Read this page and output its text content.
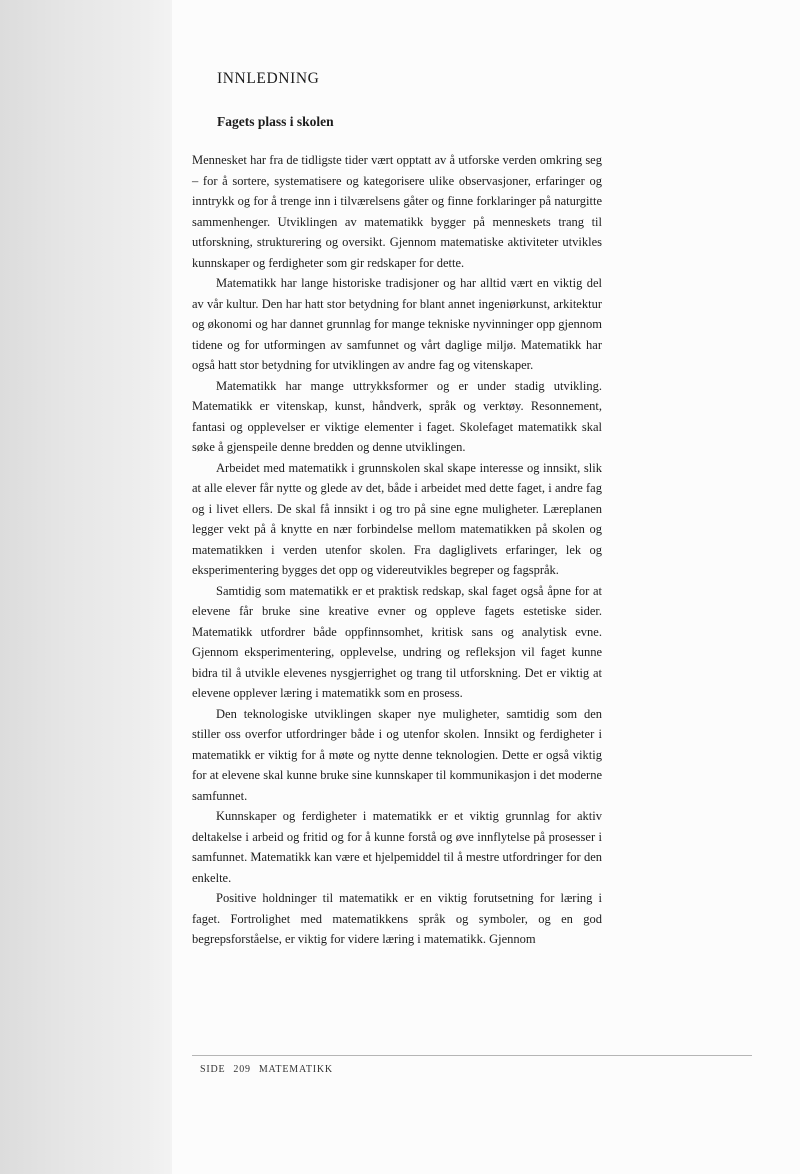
INNLEDNING
Fagets plass i skolen

Mennesket har fra de tidligste tider vært opptatt av å utforske verden omkring seg – for å sortere, systematisere og kategorisere ulike observasjoner, erfaringer og inntrykk og for å trenge inn i tilværelsens gåter og finne forklaringer på naturgitte sammenhenger. Utviklingen av matematikk bygger på menneskets trang til utforskning, strukturering og oversikt. Gjennom matematiske aktiviteter utvikles kunnskaper og ferdigheter som gir redskaper for dette.

Matematikk har lange historiske tradisjoner og har alltid vært en viktig del av vår kultur. Den har hatt stor betydning for blant annet ingeniørkunst, arkitektur og økonomi og har dannet grunnlag for mange tekniske nyvinninger opp gjennom tidene og for utformingen av samfunnet og vårt daglige miljø. Matematikk har også hatt stor betydning for utviklingen av andre fag og vitenskaper.

Matematikk har mange uttrykksformer og er under stadig utvikling. Matematikk er vitenskap, kunst, håndverk, språk og verktøy. Resonnement, fantasi og opplevelser er viktige elementer i faget. Skolefaget matematikk skal søke å gjenspeile denne bredden og denne utviklingen.

Arbeidet med matematikk i grunnskolen skal skape interesse og innsikt, slik at alle elever får nytte og glede av det, både i arbeidet med dette faget, i andre fag og i livet ellers. De skal få innsikt i og tro på sine egne muligheter. Læreplanen legger vekt på å knytte en nær forbindelse mellom matematikken på skolen og matematikken i verden utenfor skolen. Fra dagliglivets erfaringer, lek og eksperimentering bygges det opp og videreutvikles begreper og fagspråk.

Samtidig som matematikk er et praktisk redskap, skal faget også åpne for at elevene får bruke sine kreative evner og oppleve fagets estetiske sider. Matematikk utfordrer både oppfinnsomhet, kritisk sans og analytisk evne. Gjennom eksperimentering, opplevelse, undring og refleksjon vil faget kunne bidra til å utvikle elevenes nysgjerrighet og trang til utforskning. Det er viktig at elevene opplever læring i matematikk som en prosess.

Den teknologiske utviklingen skaper nye muligheter, samtidig som den stiller oss overfor utfordringer både i og utenfor skolen. Innsikt og ferdigheter i matematikk er viktig for å møte og nytte denne teknologien. Dette er også viktig for at elevene skal kunne bruke sine kunnskaper til kommunikasjon i det moderne samfunnet.

Kunnskaper og ferdigheter i matematikk er et viktig grunnlag for aktiv deltakelse i arbeid og fritid og for å kunne forstå og øve innflytelse på prosesser i samfunnet. Matematikk kan være et hjelpemiddel til å mestre utfordringer for den enkelte.

Positive holdninger til matematikk er en viktig forutsetning for læring i faget. Fortrolighet med matematikkens språk og symboler, og en god begrepsforståelse, er viktig for videre læring i matematikk. Gjennom

SIDE 209 MATEMATIKK
